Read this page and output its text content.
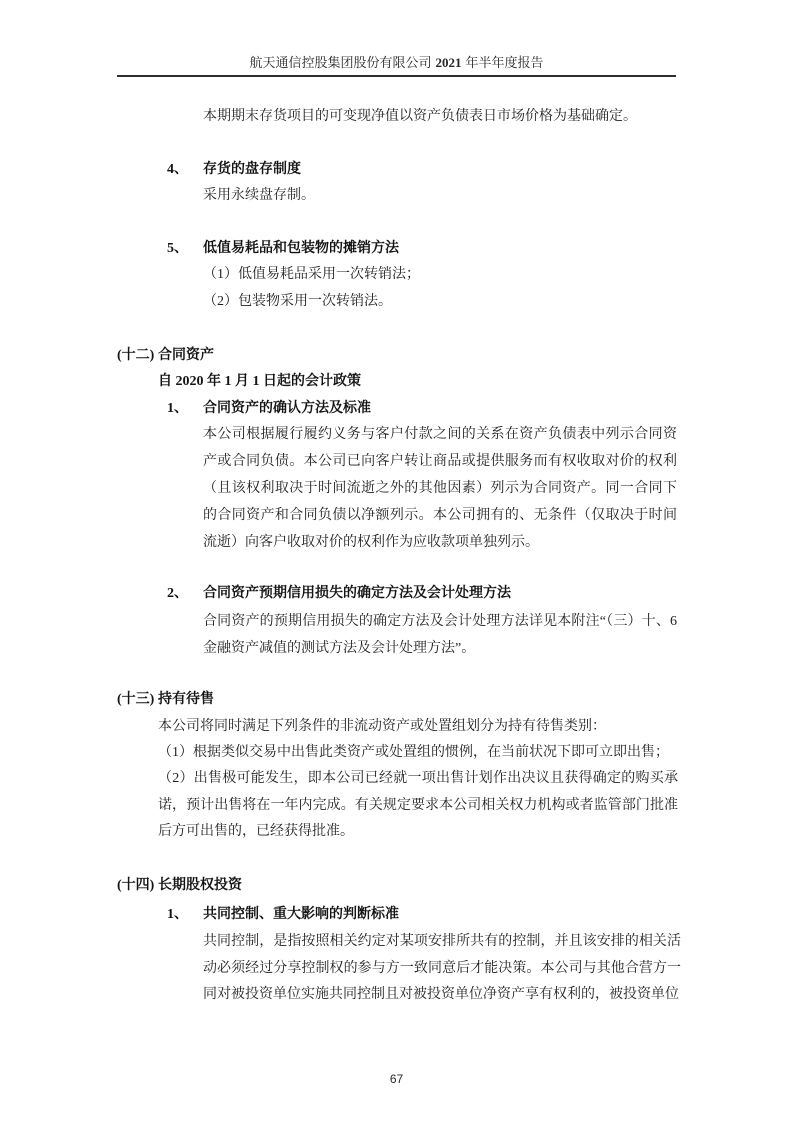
航天通信控股集团股份有限公司 2021 年半年度报告
本期期末存货项目的可变现净值以资产负债表日市场价格为基础确定。
4、 存货的盘存制度
采用永续盘存制。
5、 低值易耗品和包装物的摊销方法
（1）低值易耗品采用一次转销法；
（2）包装物采用一次转销法。
(十二) 合同资产
自 2020 年 1 月 1 日起的会计政策
1、 合同资产的确认方法及标准
本公司根据履行履约义务与客户付款之间的关系在资产负债表中列示合同资产或合同负债。本公司已向客户转让商品或提供服务而有权收取对价的权利（且该权利取决于时间流逝之外的其他因素）列示为合同资产。同一合同下的合同资产和合同负债以净额列示。本公司拥有的、无条件（仅取决于时间流逝）向客户收取对价的权利作为应收款项单独列示。
2、 合同资产预期信用损失的确定方法及会计处理方法
合同资产的预期信用损失的确定方法及会计处理方法详见本附注“（三）十、6 金融资产减值的测试方法及会计处理方法”。
(十三) 持有待售
本公司将同时满足下列条件的非流动资产或处置组划分为持有待售类别：
（1）根据类似交易中出售此类资产或处置组的惯例，在当前状况下即可立即出售；
（2）出售极可能发生，即本公司已经就一项出售计划作出决议且获得确定的购买承诺，预计出售将在一年内完成。有关规定要求本公司相关权力机构或者监管部门批准后方可出售的，已经获得批准。
(十四) 长期股权投资
1、 共同控制、重大影响的判断标准
共同控制，是指按照相关约定对某项安排所共有的控制，并且该安排的相关活动必须经过分享控制权的参与方一致同意后才能决策。本公司与其他合营方一同对被投资单位实施共同控制且对被投资单位净资产享有权利的，被投资单位
67
